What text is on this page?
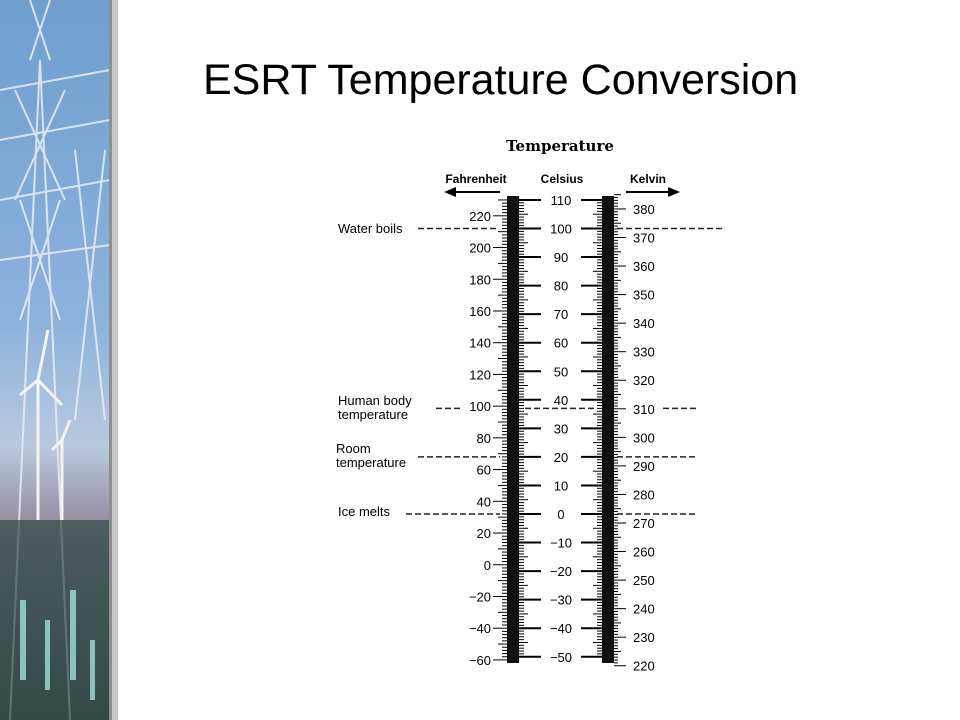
ESRT Temperature Conversion
Temperature
Fahrenheit	Celsius	Kelvin
220
200
180
160
140
120
100
80
60
40
20
0
−20
−40
−60
110
100
90
80
70
60
50
40
30
20
10
0
−10
−20
−30
−40
−50
380
370
360
350
340
330
320
310
300
290
280
270
260
250
240
230
220
Water boils
Human body
temperature
Room
temperature
Ice melts
